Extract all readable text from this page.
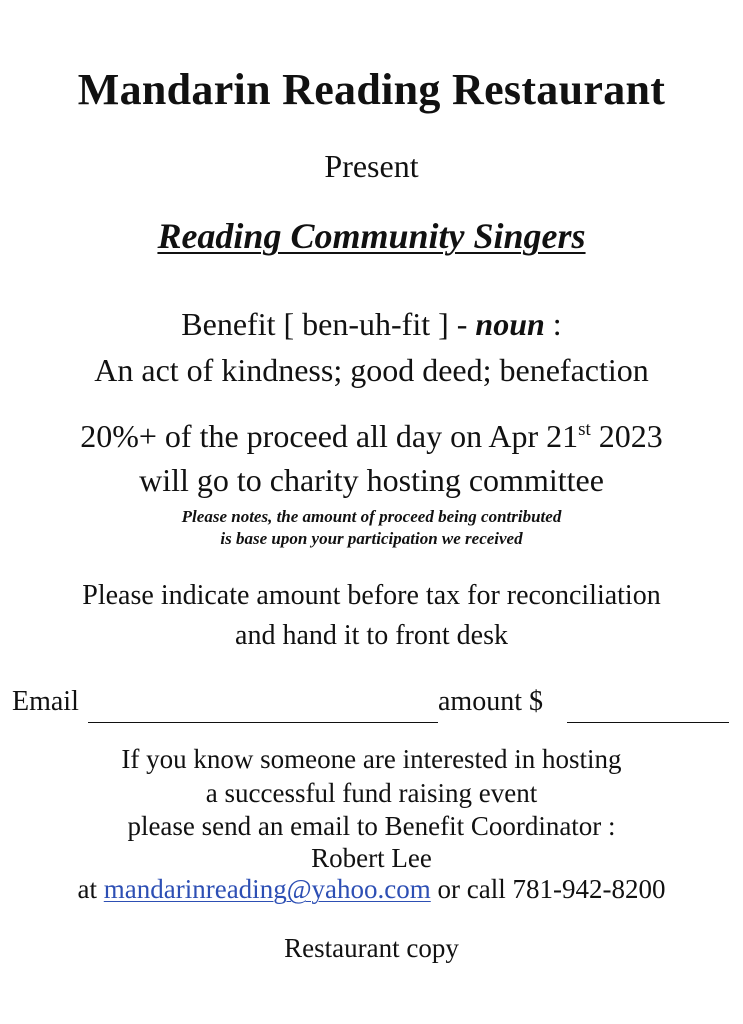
Mandarin Reading Restaurant
Present
Reading Community Singers
Benefit [ ben-uh-fit ] - noun :
An act of kindness; good deed; benefaction
20%+ of the proceed all day on Apr 21st 2023
will go to charity hosting committee
Please notes, the amount of proceed being contributed
is base upon your participation we received
Please indicate amount before tax for reconciliation
and hand it to front desk
Email	amount $
If you know someone are interested in hosting
a successful fund raising event
please send an email to Benefit Coordinator :
Robert Lee
at mandarinreading@yahoo.com or call 781-942-8200
Restaurant copy
